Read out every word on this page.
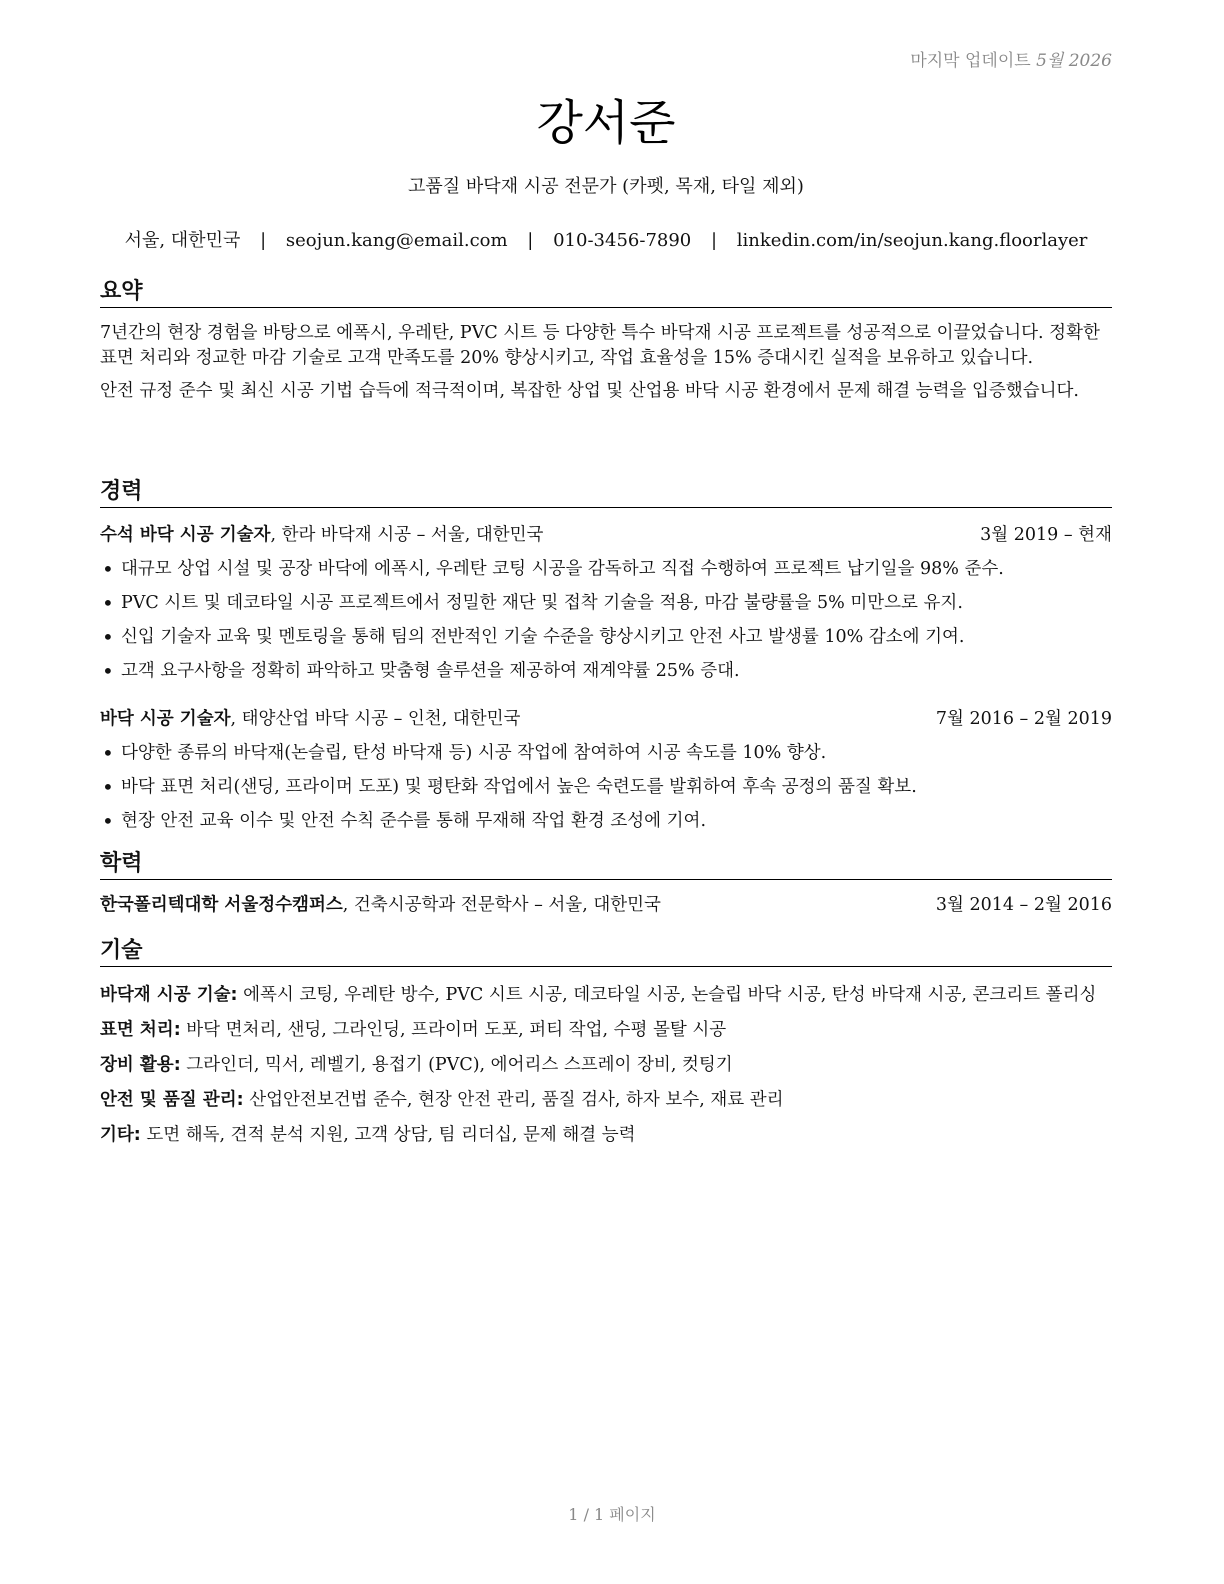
마지막 업데이트 5월 2026
강서준
고품질 바닥재 시공 전문가 (카펫, 목재, 타일 제외)
서울, 대한민국 | seojun.kang@email.com | 010-3456-7890 | linkedin.com/in/seojun.kang.floorlayer
요약

7년간의 현장 경험을 바탕으로 에폭시, 우레탄, PVC 시트 등 다양한 특수 바닥재 시공 프로젝트를 성공적으로 이끌었습니다. 정확한 표면 처리와 정교한 마감 기술로 고객 만족도를 20% 향상시키고, 작업 효율성을 15% 증대시킨 실적을 보유하고 있습니다.

안전 규정 준수 및 최신 시공 기법 습득에 적극적이며, 복잡한 상업 및 산업용 바닥 시공 환경에서 문제 해결 능력을 입증했습니다.

경력
수석 바닥 시공 기술자, 한라 바닥재 시공 – 서울, 대한민국	3월 2019 – 현재
• 대규모 상업 시설 및 공장 바닥에 에폭시, 우레탄 코팅 시공을 감독하고 직접 수행하여 프로젝트 납기일을 98% 준수.
• PVC 시트 및 데코타일 시공 프로젝트에서 정밀한 재단 및 접착 기술을 적용, 마감 불량률을 5% 미만으로 유지.
• 신입 기술자 교육 및 멘토링을 통해 팀의 전반적인 기술 수준을 향상시키고 안전 사고 발생률 10% 감소에 기여.
• 고객 요구사항을 정확히 파악하고 맞춤형 솔루션을 제공하여 재계약률 25% 증대.
바닥 시공 기술자, 태양산업 바닥 시공 – 인천, 대한민국	7월 2016 – 2월 2019
• 다양한 종류의 바닥재(논슬립, 탄성 바닥재 등) 시공 작업에 참여하여 시공 속도를 10% 향상.
• 바닥 표면 처리(샌딩, 프라이머 도포) 및 평탄화 작업에서 높은 숙련도를 발휘하여 후속 공정의 품질 확보.
• 현장 안전 교육 이수 및 안전 수칙 준수를 통해 무재해 작업 환경 조성에 기여.
학력
한국폴리텍대학 서울정수캠퍼스, 건축시공학과 전문학사 – 서울, 대한민국	3월 2014 – 2월 2016
기술
바닥재 시공 기술: 에폭시 코팅, 우레탄 방수, PVC 시트 시공, 데코타일 시공, 논슬립 바닥 시공, 탄성 바닥재 시공, 콘크리트 폴리싱
표면 처리: 바닥 면처리, 샌딩, 그라인딩, 프라이머 도포, 퍼티 작업, 수평 몰탈 시공
장비 활용: 그라인더, 믹서, 레벨기, 용접기 (PVC), 에어리스 스프레이 장비, 컷팅기
안전 및 품질 관리: 산업안전보건법 준수, 현장 안전 관리, 품질 검사, 하자 보수, 재료 관리
기타: 도면 해독, 견적 분석 지원, 고객 상담, 팀 리더십, 문제 해결 능력
1 / 1 페이지
